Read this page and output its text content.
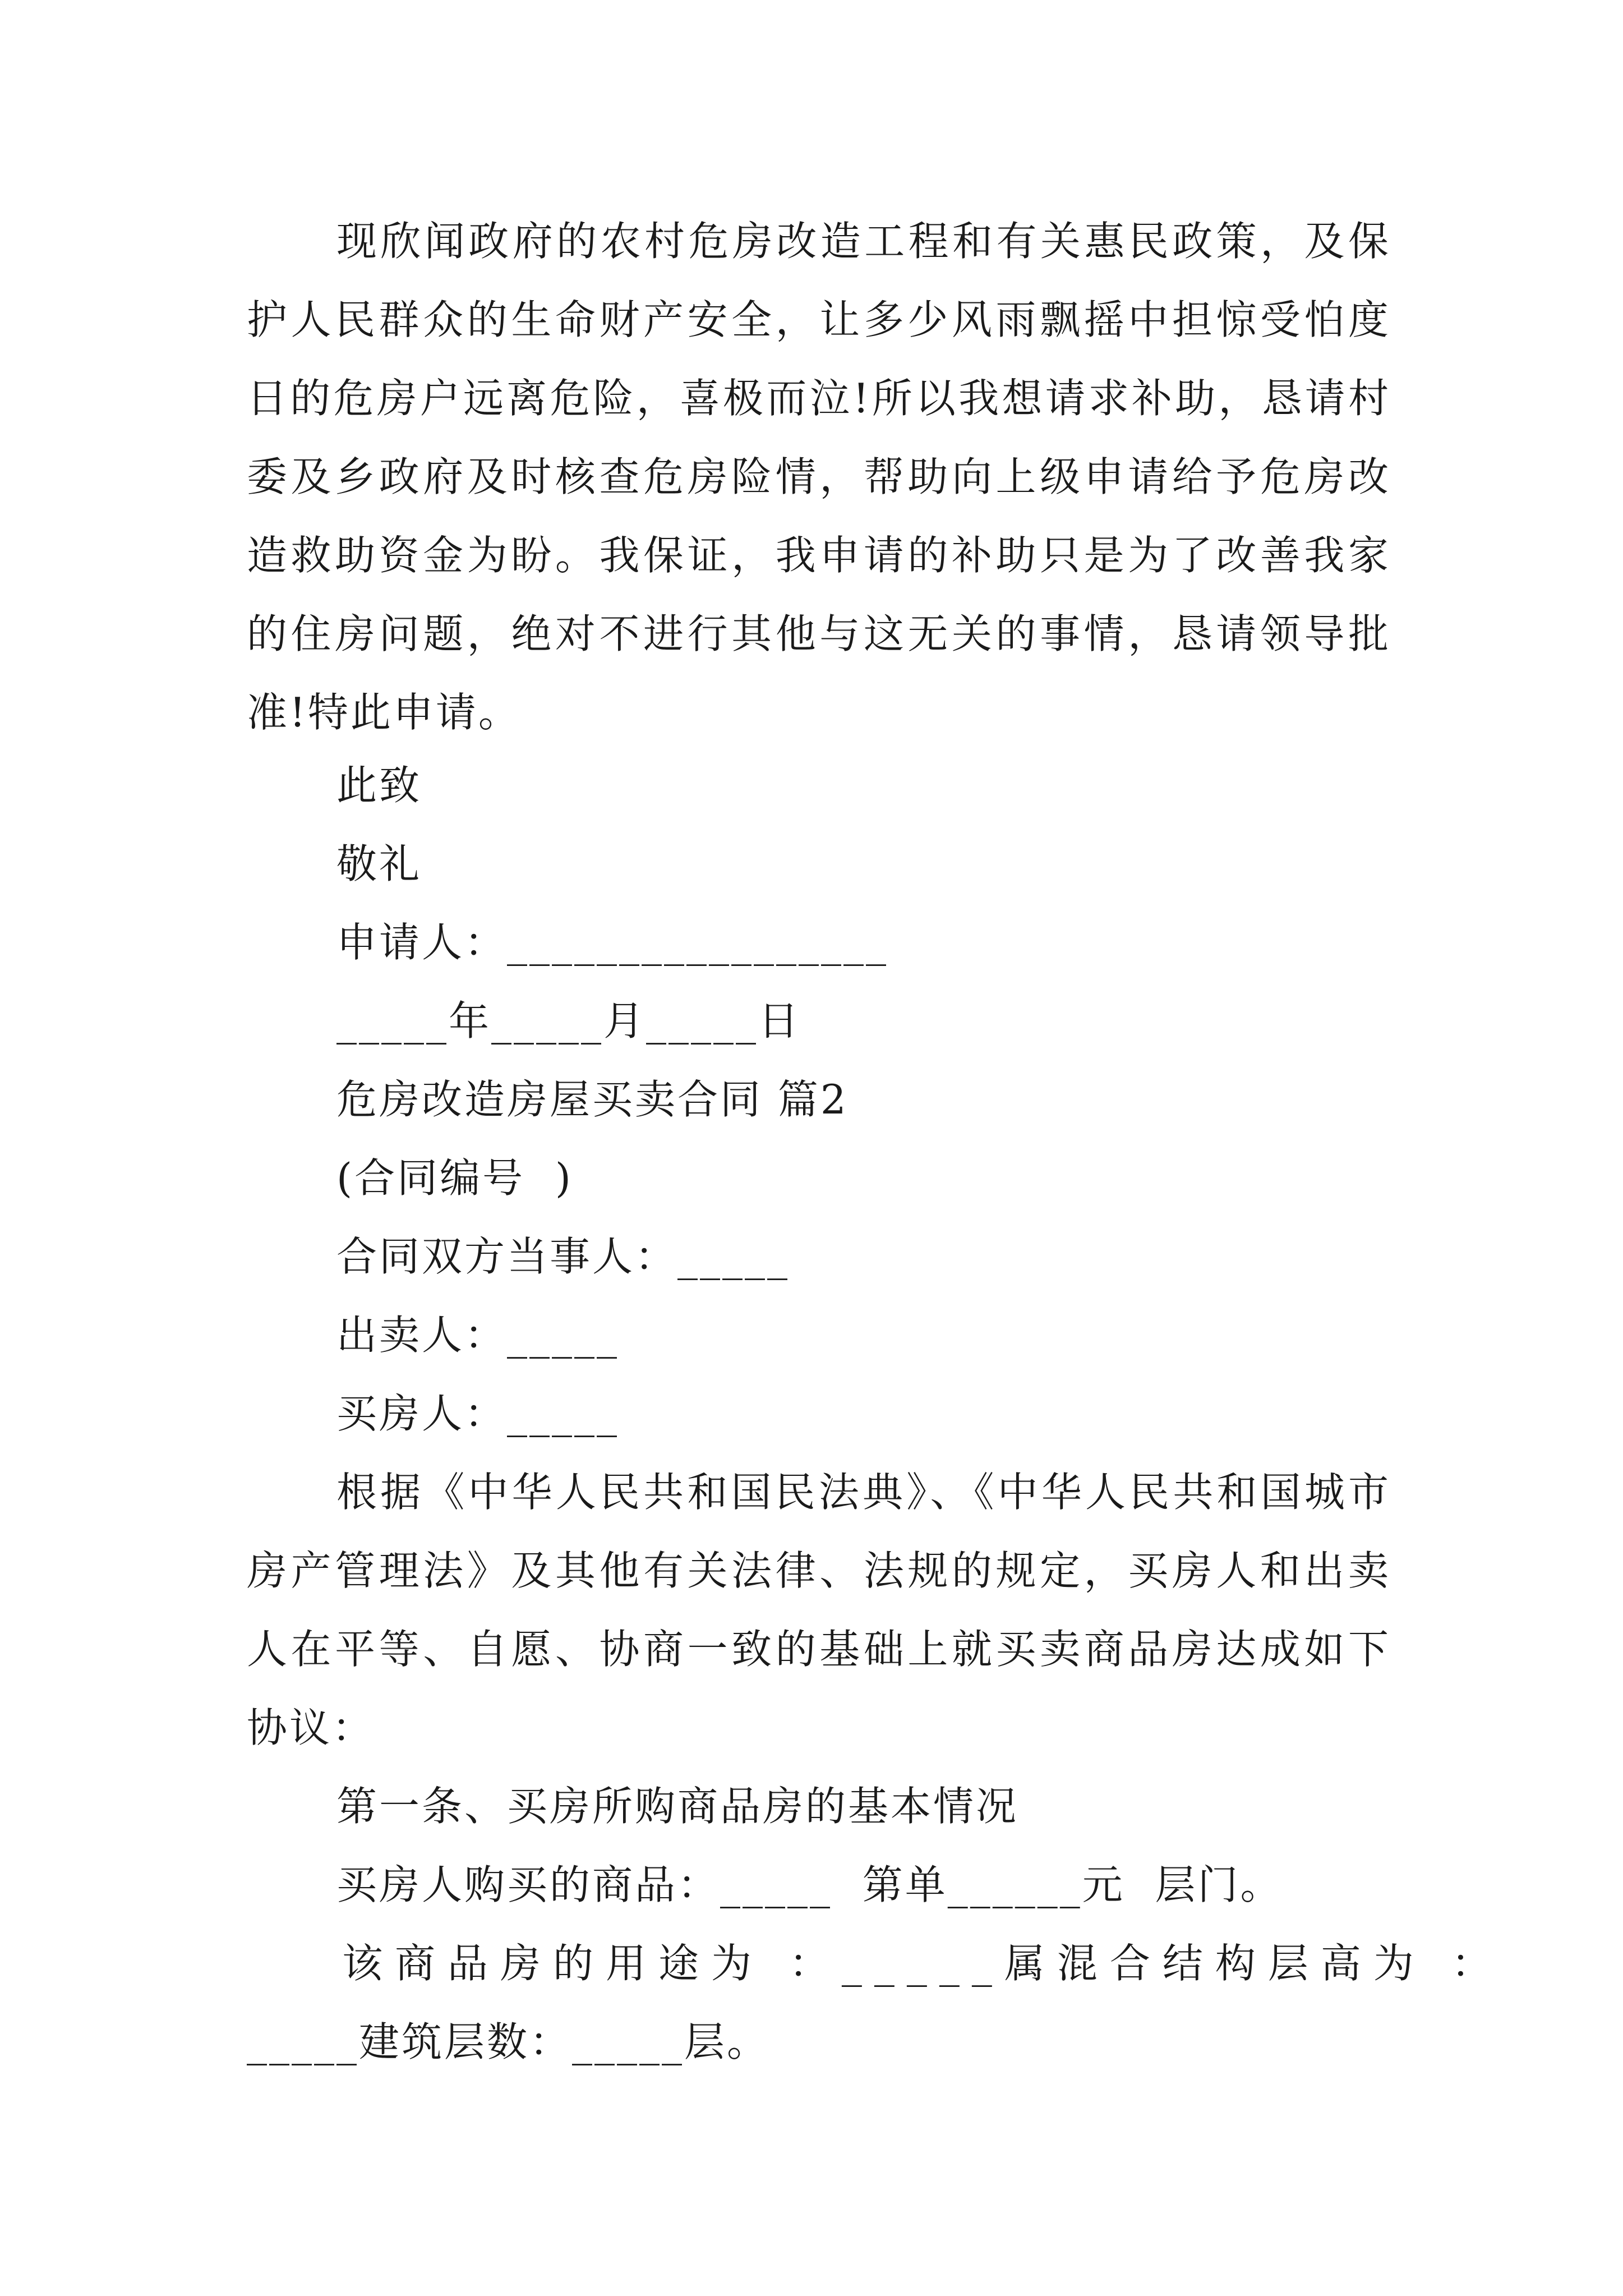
现欣闻政府的农村危房改造工程和有关惠民政策，及保护人民群众的生命财产安全，让多少风雨飘摇中担惊受怕度日的危房户远离危险，喜极而泣!所以我想请求补助，恳请村委及乡政府及时核查危房险情，帮助向上级申请给予危房改造救助资金为盼。我保证，我申请的补助只是为了改善我家的住房问题，绝对不进行其他与这无关的事情，恳请领导批准!特此申请。

此致

敬礼

申请人：_________________

_____年_____月_____日

危房改造房屋买卖合同 篇2

(合同编号  )

合同双方当事人：_____

出卖人：_____

买房人：_____

根据《中华人民共和国民法典》、《中华人民共和国城市房产管理法》及其他有关法律、法规的规定，买房人和出卖人在平等、自愿、协商一致的基础上就买卖商品房达成如下协议：

第一条、买房所购商品房的基本情况

买房人购买的商品：_____  第单______元  层门。

该商品房的用途为 ：_____属混合结构层高为 ：

_____建筑层数：_____层。
